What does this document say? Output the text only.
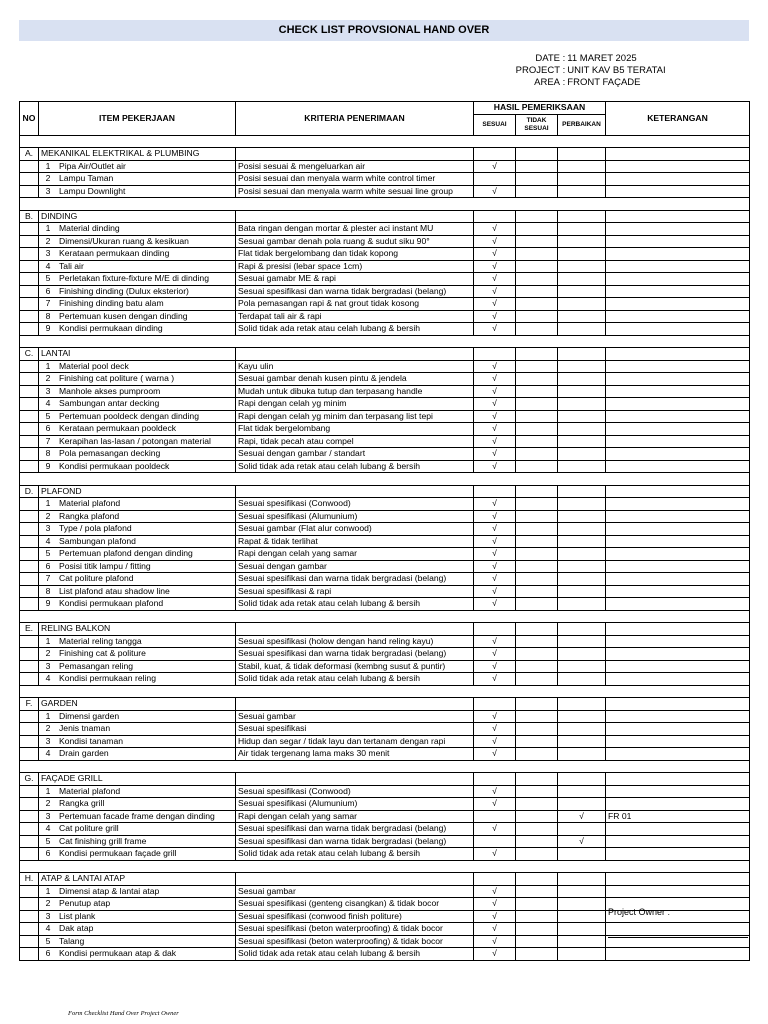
CHECK LIST PROVSIONAL HAND OVER
DATE : 11 MARET 2025
PROJECT : UNIT KAV B5 TERATAI
AREA : FRONT FAÇADE
NO	ITEM PEKERJAAN	KRITERIA PENERIMAAN	HASIL PEMERIKSAAN			KETERANGAN
			SESUAI	TIDAK SESUAI	PERBAIKAN	

A.	MEKANIKAL ELEKTRIKAL & PLUMBING					
	1 Pipa Air/Outlet air	Posisi sesuai & mengeluarkan air	√			
	2 Lampu Taman	Posisi sesuai dan menyala warm white control timer				
	3 Lampu Downlight	Posisi sesuai dan menyala warm white sesuai line group	√			

B.	DINDING					
	1 Material dinding	Bata ringan dengan mortar & plester aci instant MU	√			
	2 Dimensi/Ukuran ruang & kesikuan	Sesuai gambar denah pola ruang & sudut siku 90°	√			
	3 Kerataan permukaan dinding	Flat tidak bergelombang dan tidak kopong	√			
	4 Tali air	Rapi & presisi (lebar space 1cm)	√			
	5 Perletakan fixture-fixture M/E di dinding	Sesuai gamabr ME & rapi	√			
	6 Finishing dinding (Dulux eksterior)	Sesuai spesifikasi dan warna tidak bergradasi (belang)	√			
	7 Finishing dinding batu alam	Pola pemasangan rapi & nat grout tidak kosong	√			
	8 Pertemuan kusen dengan dinding	Terdapat tali air & rapi	√			
	9 Kondisi permukaan dinding	Solid tidak ada retak atau celah lubang & bersih	√			

C.	LANTAI					
	1 Material pool deck	Kayu ulin	√			
	2 Finishing cat politure ( warna )	Sesuai gambar denah kusen pintu & jendela	√			
	3 Manhole akses pumproom	Mudah untuk dibuka tutup dan terpasang handle	√			
	4 Sambungan antar decking	Rapi dengan celah yg minim	√			
	5 Pertemuan pooldeck dengan dinding	Rapi dengan celah yg minim dan terpasang list tepi	√			
	6 Kerataan permukaan pooldeck	Flat tidak bergelombang	√			
	7 Kerapihan las-lasan / potongan material	Rapi, tidak pecah atau compel	√			
	8 Pola pemasangan decking	Sesuai dengan gambar / standart	√			
	9 Kondisi permukaan pooldeck	Solid tidak ada retak atau celah lubang & bersih	√			

D.	PLAFOND					
	1 Material plafond	Sesuai spesifikasi (Conwood)	√			
	2 Rangka plafond	Sesuai spesifikasi (Alumunium)	√			
	3 Type / pola plafond	Sesuai gambar (Flat alur conwood)	√			
	4 Sambungan plafond	Rapat & tidak terlihat	√			
	5 Pertemuan plafond dengan dinding	Rapi dengan celah yang samar	√			
	6 Posisi titik lampu / fitting	Sesuai dengan gambar	√			
	7 Cat politure plafond	Sesuai spesifikasi dan warna tidak bergradasi (belang)	√			
	8 List plafond atau shadow line	Sesuai spesifikasi & rapi	√			
	9 Kondisi permukaan plafond	Solid tidak ada retak atau celah lubang & bersih	√			

E.	RELING BALKON					
	1 Material reling tangga	Sesuai spesifikasi (holow dengan hand reling kayu)	√			
	2 Finishing cat & politure	Sesuai spesifikasi dan warna tidak bergradasi (belang)	√			
	3 Pemasangan reling	Stabil, kuat, & tidak deformasi (kembng susut & puntir)	√			
	4 Kondisi permukaan reling	Solid tidak ada retak atau celah lubang & bersih	√			

F.	GARDEN					
	1 Dimensi garden	Sesuai gambar	√			
	2 Jenis tnaman	Sesuai spesifikasi	√			
	3 Kondisi tanaman	Hidup dan segar / tidak layu dan tertanam dengan rapi	√			
	4 Drain garden	Air tidak tergenang lama maks 30 menit	√			

G.	FAÇADE GRILL					
	1 Material plafond	Sesuai spesifikasi (Conwood)	√			
	2 Rangka grill	Sesuai spesifikasi (Alumunium)	√			
	3 Pertemuan facade frame dengan dinding	Rapi dengan celah yang samar			√	FR 01
	4 Cat politure grill	Sesuai spesifikasi dan warna tidak bergradasi (belang)	√			
	5 Cat finishing grill frame	Sesuai spesifikasi dan warna tidak bergradasi (belang)			√	
	6 Kondisi permukaan façade grill	Solid tidak ada retak atau celah lubang & bersih	√			

H.	ATAP & LANTAI ATAP					
	1 Dimensi atap & lantai atap	Sesuai gambar	√			
	2 Penutup atap	Sesuai spesifikasi (genteng cisangkan) & tidak bocor	√			
	3 List plank	Sesuai spesifikasi (conwood finish politure)	√			
	4 Dak atap	Sesuai spesifikasi (beton waterproofing) & tidak bocor	√			
	5 Talang	Sesuai spesifikasi (beton waterproofing) & tidak bocor	√			
	6 Kondisi permukaan atap & dak	Solid tidak ada retak atau celah lubang & bersih	√			
Project Owner :
Form Checklist Hand Over Project Owner
